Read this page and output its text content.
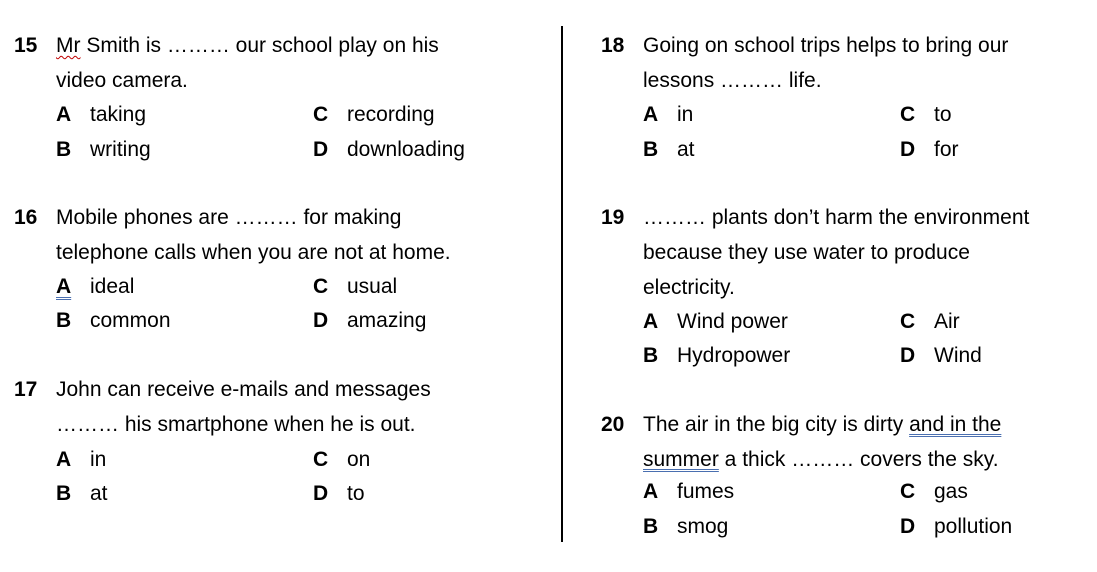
15 Mr Smith is ……… our school play on his
video camera.
A taking
B writing
C recording
D downloading
16 Mobile phones are ……… for making
telephone calls when you are not at home.
A ideal
B common
C usual
D amazing
17 John can receive e-mails and messages
……… his smartphone when he is out.
A in
B at
C on
D to
18 Going on school trips helps to bring our
lessons ……… life.
A in
B at
C to
D for
19 ……… plants don’t harm the environment
because they use water to produce
electricity.
A Wind power
B Hydropower
C Air
D Wind
20 The air in the big city is dirty and in the
summer a thick ……… covers the sky.
A fumes
B smog
C gas
D pollution
